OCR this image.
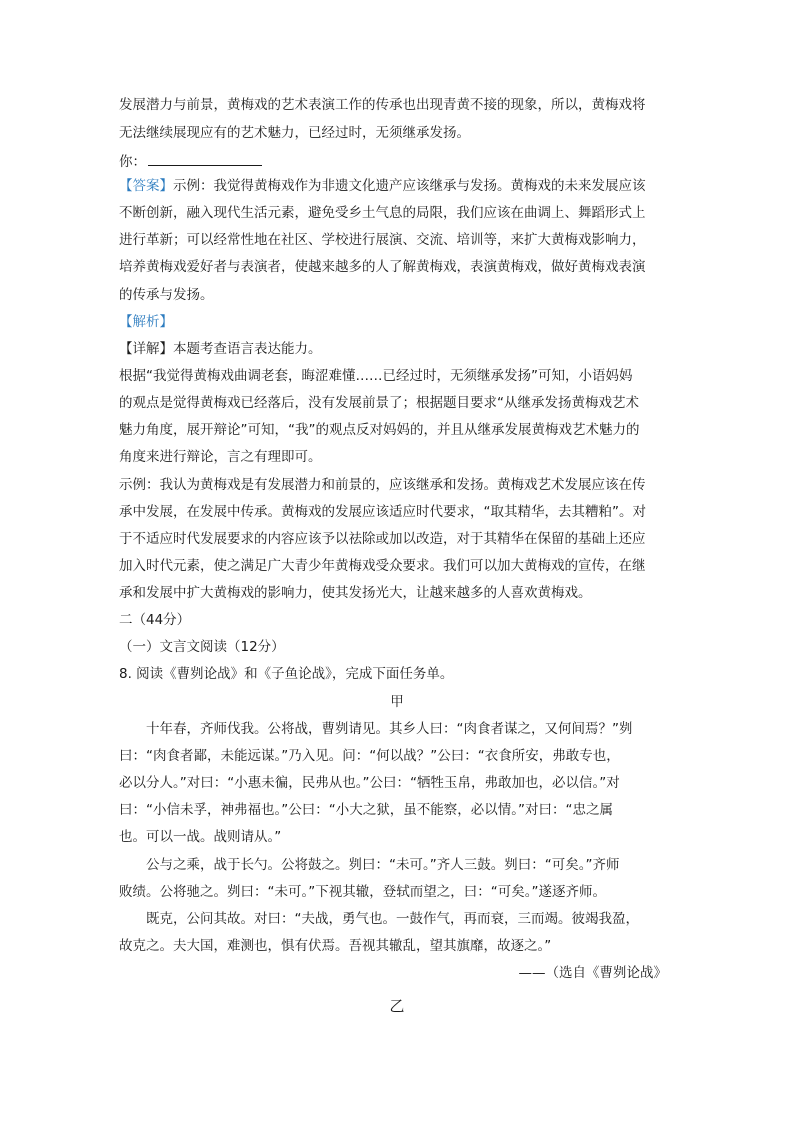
发展潜力与前景，黄梅戏的艺术表演工作的传承也出现青黄不接的现象，所以，黄梅戏将
无法继续展现应有的艺术魅力，已经过时，无须继承发扬。
你：
【答案】示例：我觉得黄梅戏作为非遗文化遗产应该继承与发扬。黄梅戏的未来发展应该
不断创新，融入现代生活元素，避免受乡土气息的局限，我们应该在曲调上、舞蹈形式上
进行革新；可以经常性地在社区、学校进行展演、交流、培训等，来扩大黄梅戏影响力，
培养黄梅戏爱好者与表演者，使越来越多的人了解黄梅戏，表演黄梅戏，做好黄梅戏表演
的传承与发扬。
【解析】
【详解】本题考查语言表达能力。
根据“我觉得黄梅戏曲调老套，晦涩难懂……已经过时，无须继承发扬”可知，小语妈妈
的观点是觉得黄梅戏已经落后，没有发展前景了；根据题目要求“从继承发扬黄梅戏艺术
魅力角度，展开辩论”可知，“我”的观点反对妈妈的，并且从继承发展黄梅戏艺术魅力的
角度来进行辩论，言之有理即可。
示例：我认为黄梅戏是有发展潜力和前景的，应该继承和发扬。黄梅戏艺术发展应该在传
承中发展，在发展中传承。黄梅戏的发展应该适应时代要求，“取其精华，去其糟粕”。对
于不适应时代发展要求的内容应该予以祛除或加以改造，对于其精华在保留的基础上还应
加入时代元素，使之满足广大青少年黄梅戏受众要求。我们可以加大黄梅戏的宣传，在继
承和发展中扩大黄梅戏的影响力，使其发扬光大，让越来越多的人喜欢黄梅戏。
二（44分）
（一）文言文阅读（12分）
8. 阅读《曹刿论战》和《子鱼论战》，完成下面任务单。
甲
十年春，齐师伐我。公将战，曹刿请见。其乡人曰：“肉食者谋之，又何间焉？”刿
曰：“肉食者鄙，未能远谋。”乃入见。问：“何以战？”公曰：“衣食所安，弗敢专也，
必以分人。”对曰：“小惠未徧，民弗从也。”公曰：“牺牲玉帛，弗敢加也，必以信。”对
曰：“小信未孚，神弗福也。”公曰：“小大之狱，虽不能察，必以情。”对曰：“忠之属
也。可以一战。战则请从。”
公与之乘，战于长勺。公将鼓之。刿曰：“未可。”齐人三鼓。刿曰：“可矣。”齐师
败绩。公将驰之。刿曰：“未可。”下视其辙，登轼而望之，曰：“可矣。”遂逐齐师。
既克，公问其故。对曰：“夫战，勇气也。一鼓作气，再而衰，三而竭。彼竭我盈，
故克之。夫大国，难测也，惧有伏焉。吾视其辙乱，望其旗靡，故逐之。”
——（选自《曹刿论战》
乙
